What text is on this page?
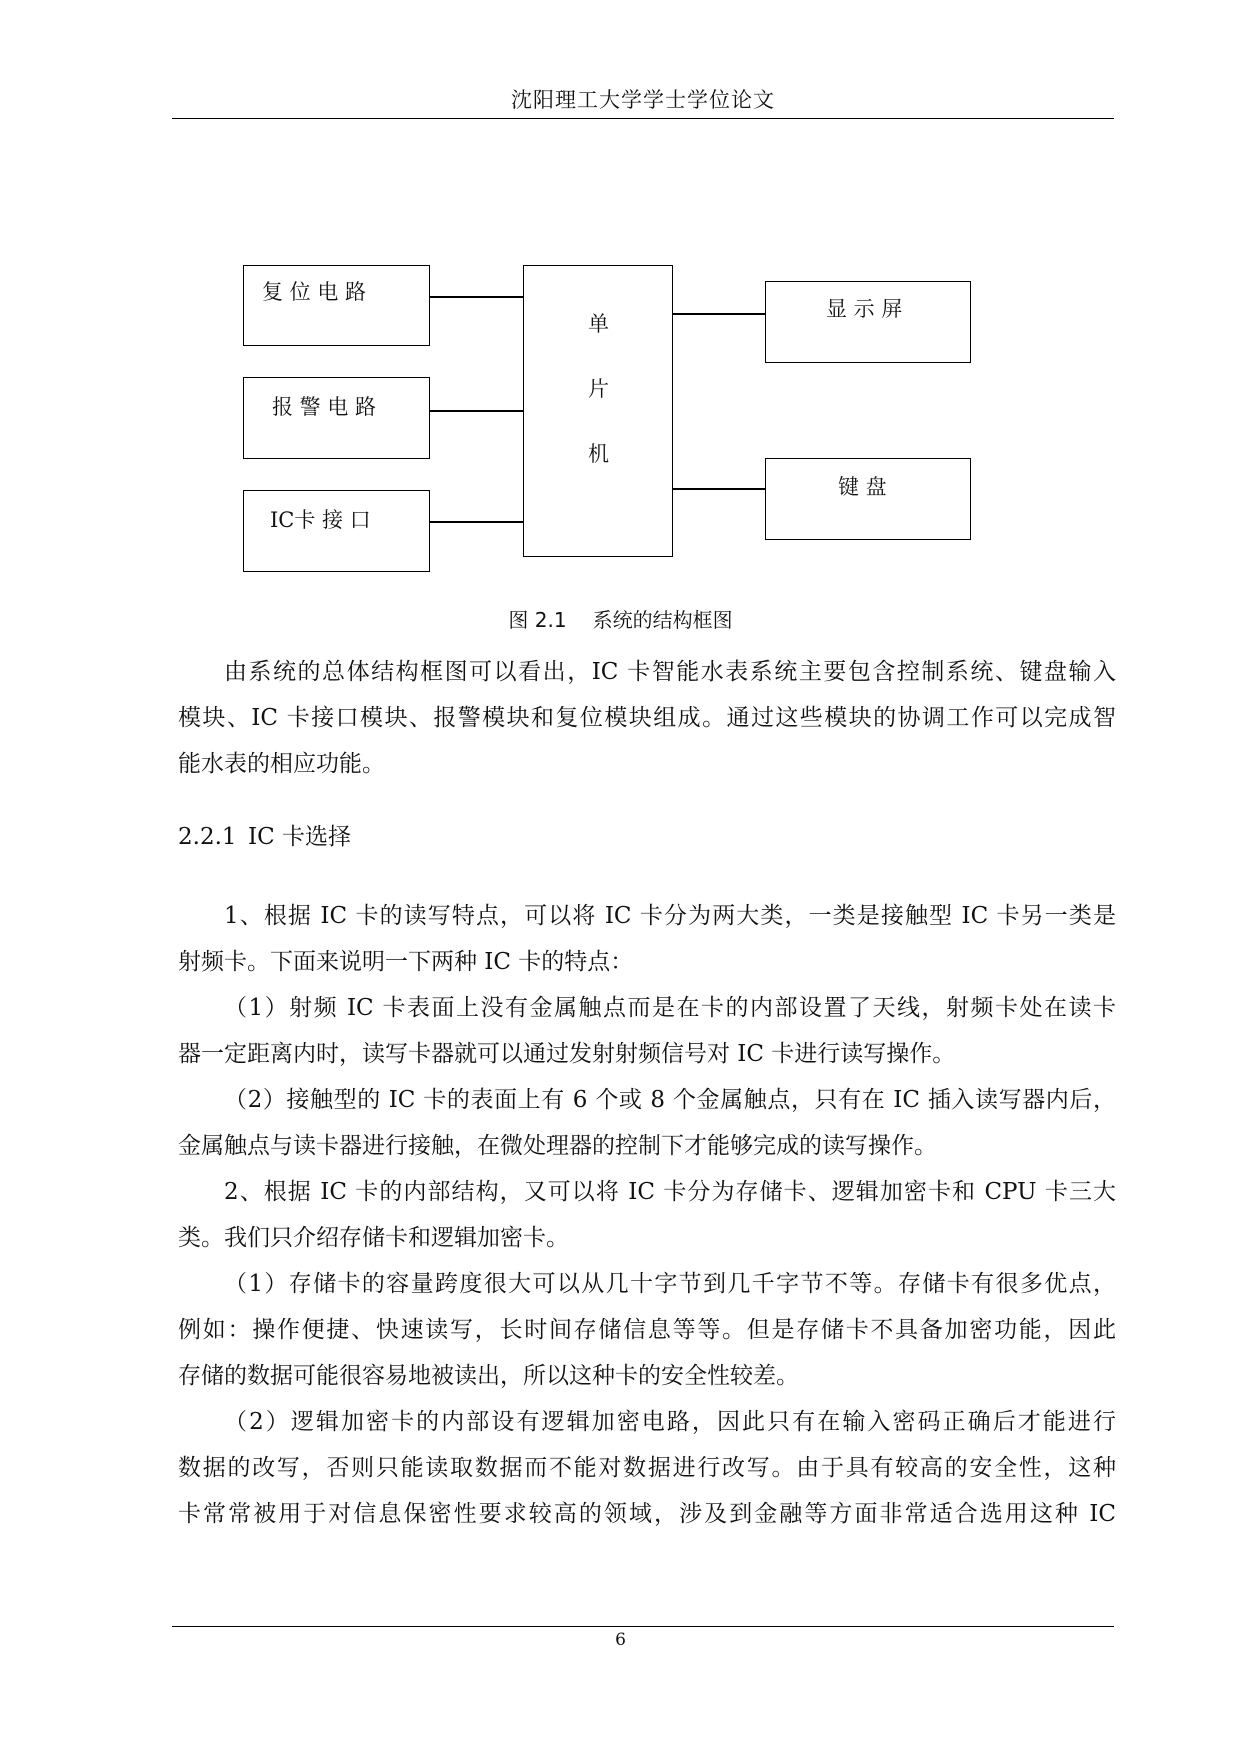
沈阳理工大学学士学位论文
复 位 电 路
报 警 电 路
IC卡 接 口
单
片
机
显 示 屏
键 盘
图 2.1 系统的结构框图
由系统的总体结构框图可以看出，IC 卡智能水表系统主要包含控制系统、键盘输入
模块、IC 卡接口模块、报警模块和复位模块组成。通过这些模块的协调工作可以完成智
能水表的相应功能。
2.2.1 IC 卡选择
1、根据 IC 卡的读写特点，可以将 IC 卡分为两大类，一类是接触型 IC 卡另一类是
射频卡。下面来说明一下两种 IC 卡的特点：
（1）射频 IC 卡表面上没有金属触点而是在卡的内部设置了天线，射频卡处在读卡
器一定距离内时，读写卡器就可以通过发射射频信号对 IC 卡进行读写操作。
（2）接触型的 IC 卡的表面上有 6 个或 8 个金属触点，只有在 IC 插入读写器内后，
金属触点与读卡器进行接触，在微处理器的控制下才能够完成的读写操作。
2、根据 IC 卡的内部结构，又可以将 IC 卡分为存储卡、逻辑加密卡和 CPU 卡三大
类。我们只介绍存储卡和逻辑加密卡。
（1）存储卡的容量跨度很大可以从几十字节到几千字节不等。存储卡有很多优点，
例如：操作便捷、快速读写，长时间存储信息等等。但是存储卡不具备加密功能，因此
存储的数据可能很容易地被读出，所以这种卡的安全性较差。
（2）逻辑加密卡的内部设有逻辑加密电路，因此只有在输入密码正确后才能进行
数据的改写，否则只能读取数据而不能对数据进行改写。由于具有较高的安全性，这种
卡常常被用于对信息保密性要求较高的领域，涉及到金融等方面非常适合选用这种 IC
6
